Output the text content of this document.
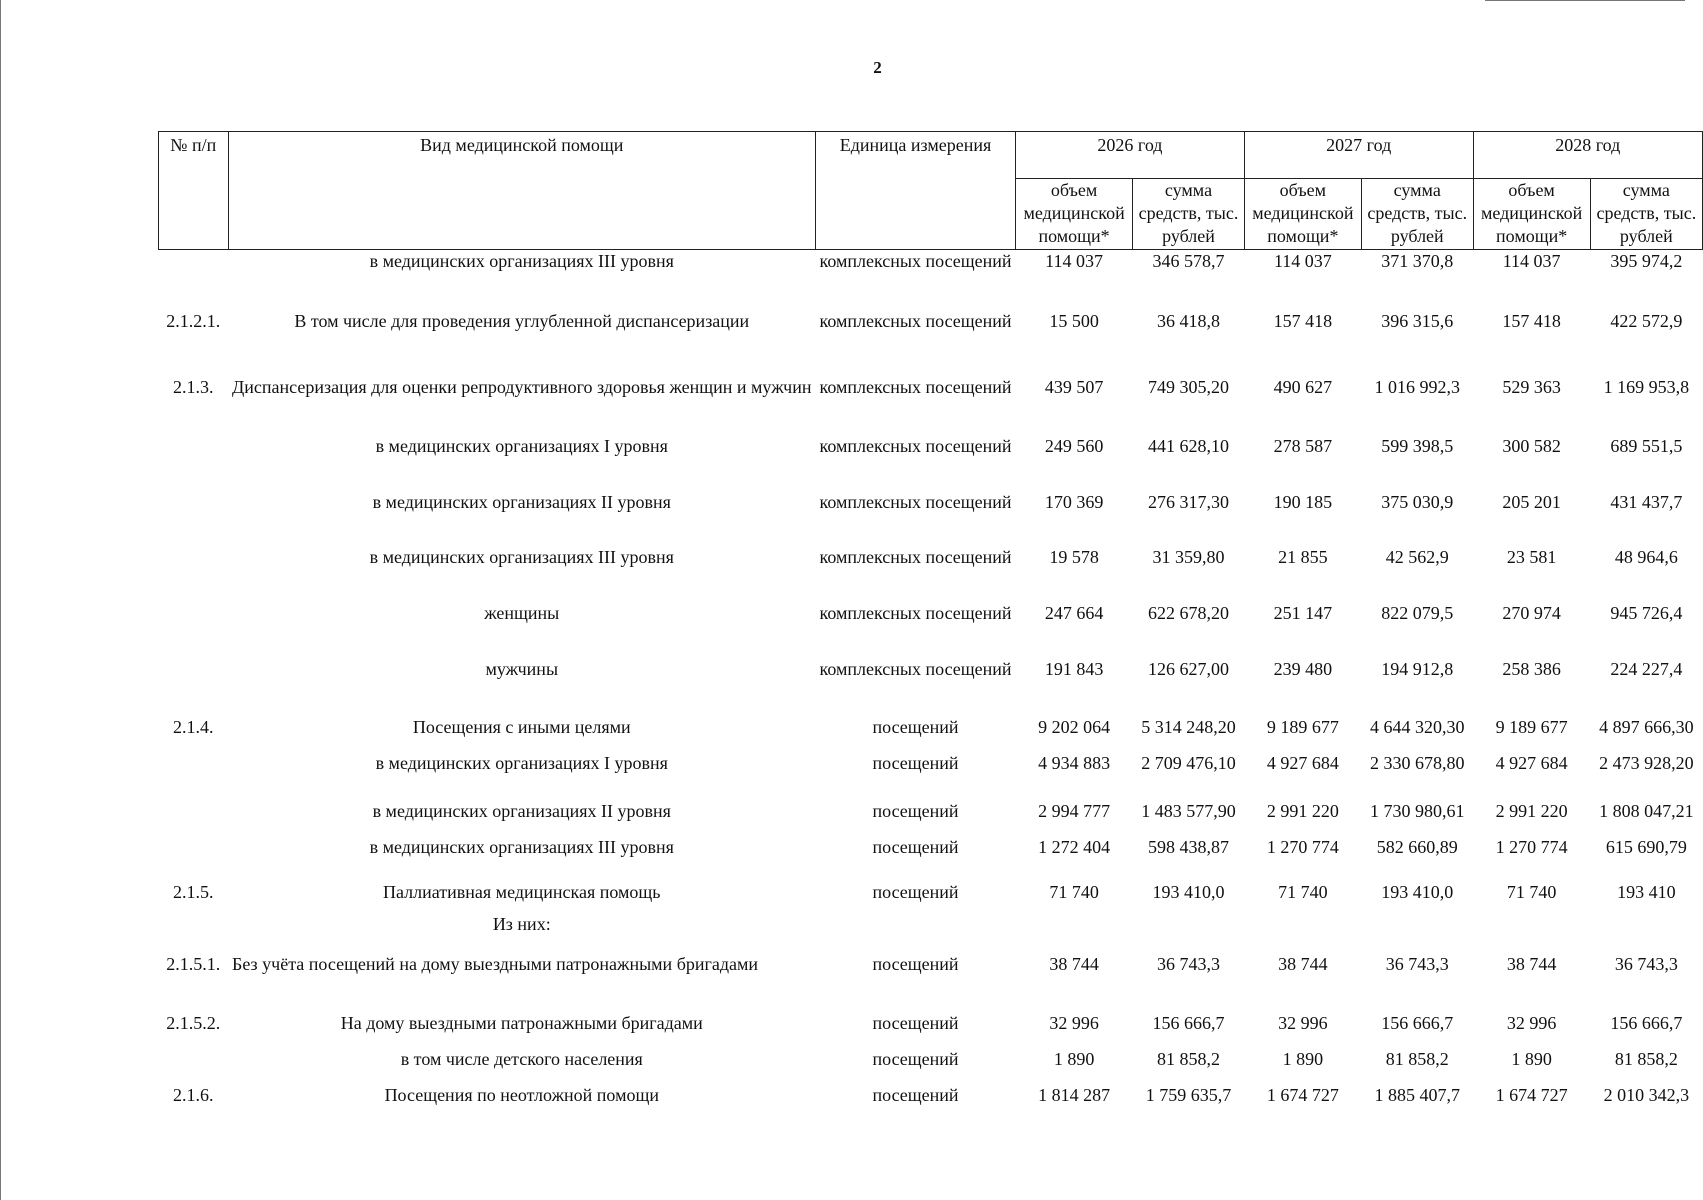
2
№ п/п	Вид медицинской помощи	Единица измерения	2026 год		2027 год		2028 год	
			объем медицинской помощи*	сумма средств, тыс. рублей	объем медицинской помощи*	сумма средств, тыс. рублей	объем медицинской помощи*	сумма средств, тыс. рублей
	в медицинских организациях III уровня	комплексных посещений	114 037	346 578,7	114 037	371 370,8	114 037	395 974,2
2.1.2.1.	В том числе для проведения углубленной диспансеризации	комплексных посещений	15 500	36 418,8	157 418	396 315,6	157 418	422 572,9
2.1.3.	Диспансеризация для оценки репродуктивного здоровья женщин и мужчин	комплексных посещений	439 507	749 305,20	490 627	1 016 992,3	529 363	1 169 953,8
	в медицинских организациях I уровня	комплексных посещений	249 560	441 628,10	278 587	599 398,5	300 582	689 551,5
	в медицинских организациях II уровня	комплексных посещений	170 369	276 317,30	190 185	375 030,9	205 201	431 437,7
	в медицинских организациях III уровня	комплексных посещений	19 578	31 359,80	21 855	42 562,9	23 581	48 964,6
	женщины	комплексных посещений	247 664	622 678,20	251 147	822 079,5	270 974	945 726,4
	мужчины	комплексных посещений	191 843	126 627,00	239 480	194 912,8	258 386	224 227,4
2.1.4.	Посещения с иными целями	посещений	9 202 064	5 314 248,20	9 189 677	4 644 320,30	9 189 677	4 897 666,30
	в медицинских организациях I уровня	посещений	4 934 883	2 709 476,10	4 927 684	2 330 678,80	4 927 684	2 473 928,20
	в медицинских организациях II уровня	посещений	2 994 777	1 483 577,90	2 991 220	1 730 980,61	2 991 220	1 808 047,21
	в медицинских организациях III уровня	посещений	1 272 404	598 438,87	1 270 774	582 660,89	1 270 774	615 690,79
2.1.5.	Паллиативная медицинская помощь	посещений	71 740	193 410,0	71 740	193 410,0	71 740	193 410
	Из них:							
2.1.5.1.	Без учёта посещений на дому выездными патронажными бригадами	посещений	38 744	36 743,3	38 744	36 743,3	38 744	36 743,3
2.1.5.2.	На дому выездными патронажными бригадами	посещений	32 996	156 666,7	32 996	156 666,7	32 996	156 666,7
	в том числе детского населения	посещений	1 890	81 858,2	1 890	81 858,2	1 890	81 858,2
2.1.6.	Посещения по неотложной помощи	посещений	1 814 287	1 759 635,7	1 674 727	1 885 407,7	1 674 727	2 010 342,3
